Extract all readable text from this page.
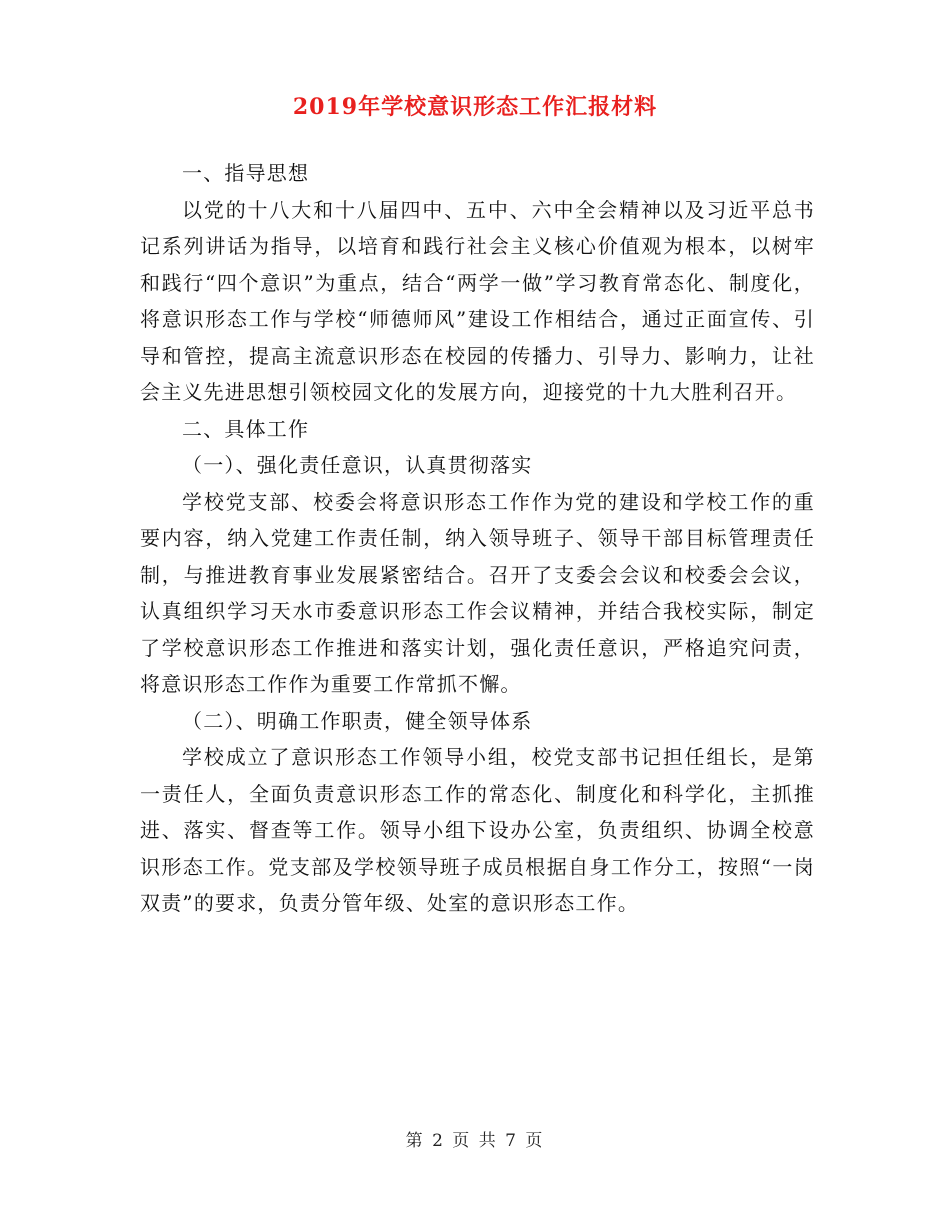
2019年学校意识形态工作汇报材料

一、指导思想

以党的十八大和十八届四中、五中、六中全会精神以及习近平总书记系列讲话为指导，以培育和践行社会主义核心价值观为根本，以树牢和践行“四个意识”为重点，结合“两学一做”学习教育常态化、制度化，将意识形态工作与学校“师德师风”建设工作相结合，通过正面宣传、引导和管控，提高主流意识形态在校园的传播力、引导力、影响力，让社会主义先进思想引领校园文化的发展方向，迎接党的十九大胜利召开。

二、具体工作

（一）、强化责任意识，认真贯彻落实

学校党支部、校委会将意识形态工作作为党的建设和学校工作的重要内容，纳入党建工作责任制，纳入领导班子、领导干部目标管理责任制，与推进教育事业发展紧密结合。召开了支委会会议和校委会会议，认真组织学习天水市委意识形态工作会议精神，并结合我校实际，制定了学校意识形态工作推进和落实计划，强化责任意识，严格追究问责，将意识形态工作作为重要工作常抓不懈。

（二）、明确工作职责，健全领导体系

学校成立了意识形态工作领导小组，校党支部书记担任组长，是第一责任人，全面负责意识形态工作的常态化、制度化和科学化，主抓推进、落实、督查等工作。领导小组下设办公室，负责组织、协调全校意识形态工作。党支部及学校领导班子成员根据自身工作分工，按照“一岗双责”的要求，负责分管年级、处室的意识形态工作。

第 2 页 共 7 页
